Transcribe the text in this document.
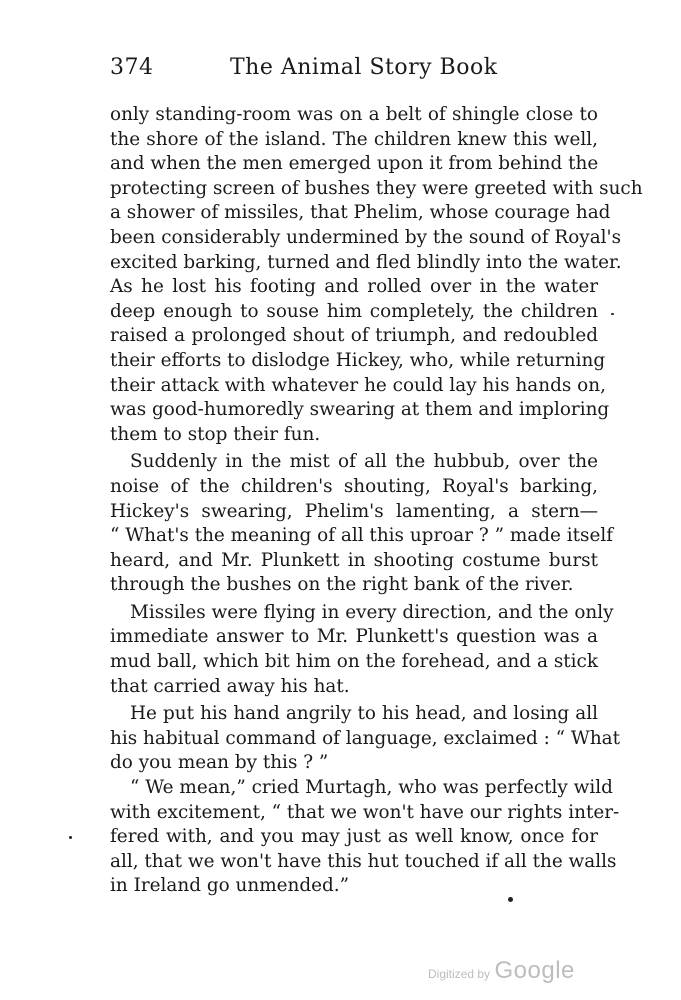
374	The Animal Story Book
only standing-room was on a belt of shingle close to
the shore of the island. The children knew this well,
and when the men emerged upon it from behind the
protecting screen of bushes they were greeted with such
a shower of missiles, that Phelim, whose courage had
been considerably undermined by the sound of Royal's
excited barking, turned and fled blindly into the water.
As he lost his footing and rolled over in the water
deep enough to souse him completely, the children
raised a prolonged shout of triumph, and redoubled
their efforts to dislodge Hickey, who, while returning
their attack with whatever he could lay his hands on,
was good-humoredly swearing at them and imploring
them to stop their fun.
Suddenly in the mist of all the hubbub, over the
noise of the children's shouting, Royal's barking,
Hickey's swearing, Phelim's lamenting, a stern—
“ What's the meaning of all this uproar ? ” made itself
heard, and Mr. Plunkett in shooting costume burst
through the bushes on the right bank of the river.
Missiles were flying in every direction, and the only
immediate answer to Mr. Plunkett's question was a
mud ball, which bit him on the forehead, and a stick
that carried away his hat.
He put his hand angrily to his head, and losing all
his habitual command of language, exclaimed : “ What
do you mean by this ? ”
“ We mean,” cried Murtagh, who was perfectly wild
with excitement, “ that we won't have our rights inter-
fered with, and you may just as well know, once for
all, that we won't have this hut touched if all the walls
in Ireland go unmended.”
Digitized by Google
